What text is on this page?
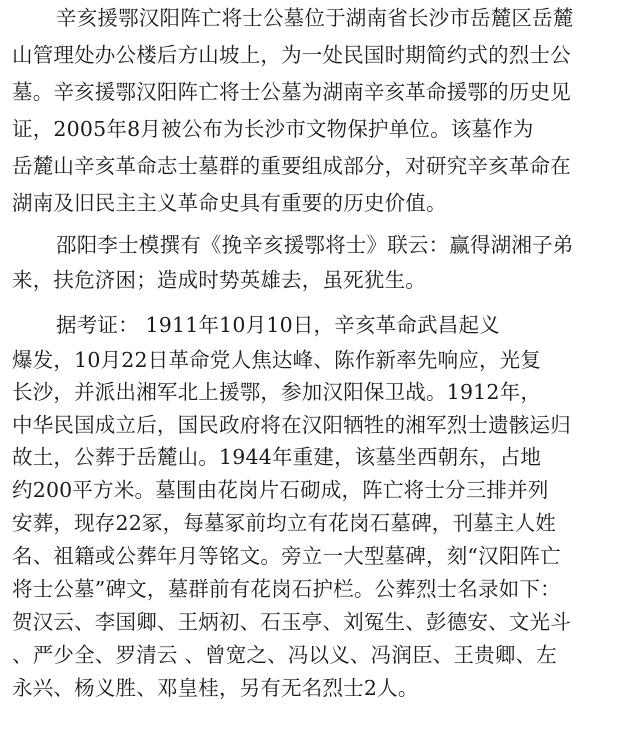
辛亥援鄂汉阳阵亡将士公墓位于湖南省长沙市岳麓区岳麓
山管理处办公楼后方山坡上，为一处民国时期简约式的烈士公
墓。辛亥援鄂汉阳阵亡将士公墓为湖南辛亥革命援鄂的历史见
证，2005年8月被公布为长沙市文物保护单位。该墓作为
岳麓山辛亥革命志士墓群的重要组成部分，对研究辛亥革命在
湖南及旧民主主义革命史具有重要的历史价值。
邵阳李士模撰有《挽辛亥援鄂将士》联云：赢得湖湘子弟
来，扶危济困；造成时势英雄去，虽死犹生。
据考证： 1911年10月10日，辛亥革命武昌起义
爆发，10月22日革命党人焦达峰、陈作新率先响应，光复
长沙，并派出湘军北上援鄂，参加汉阳保卫战。1912年，
中华民国成立后，国民政府将在汉阳牺牲的湘军烈士遗骸运归
故土，公葬于岳麓山。1944年重建，该墓坐西朝东，占地
约200平方米。墓围由花岗片石砌成，阵亡将士分三排并列
安葬，现存22冢，每墓冢前均立有花岗石墓碑，刊墓主人姓
名、祖籍或公葬年月等铭文。旁立一大型墓碑，刻“汉阳阵亡
将士公墓”碑文，墓群前有花岗石护栏。公葬烈士名录如下：
贺汉云、李国卿、王炳初、石玉亭、刘冤生、彭德安、文光斗
、严少全、罗清云 、曾宽之、冯以义、冯润臣、王贵卿、左
永兴、杨义胜、邓皇桂，另有无名烈士2人。
